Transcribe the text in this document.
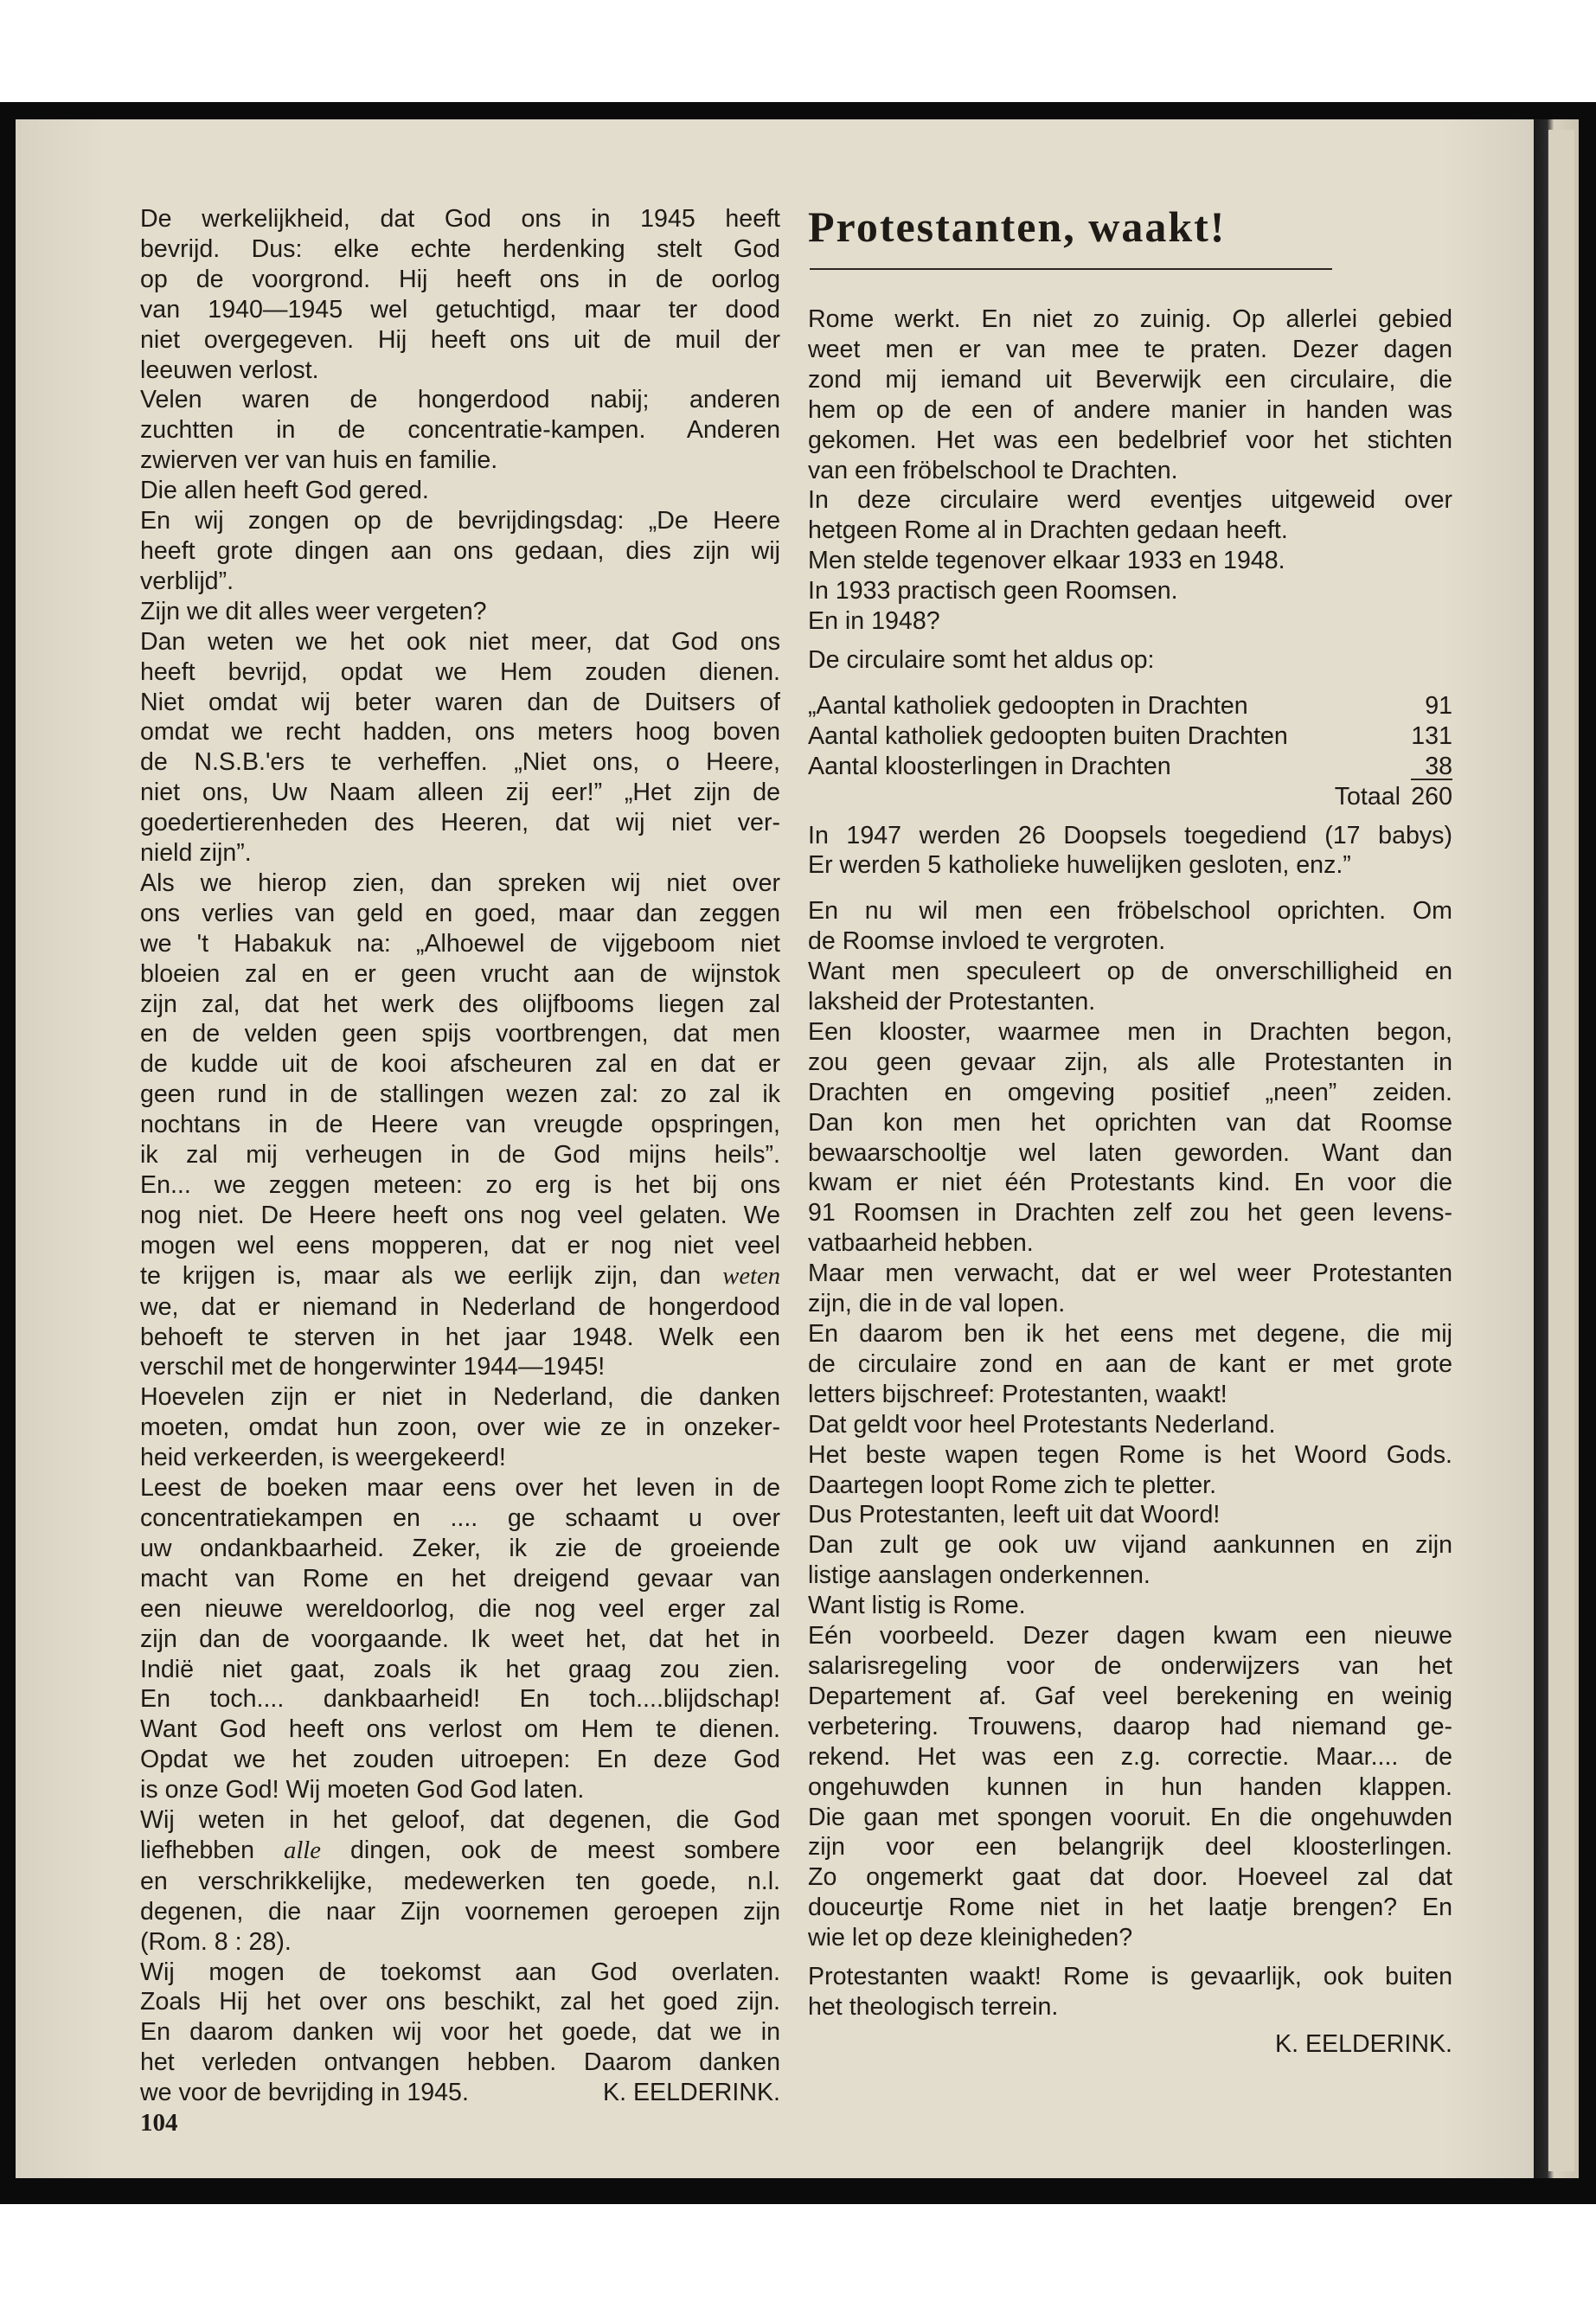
De werkelijkheid, dat God ons in 1945 heeft
bevrijd. Dus: elke echte herdenking stelt God
op de voorgrond. Hij heeft ons in de oorlog
van 1940—1945 wel getuchtigd, maar ter dood
niet overgegeven. Hij heeft ons uit de muil der
leeuwen verlost.
Velen waren de hongerdood nabij; anderen
zuchtten in de concentratie-kampen. Anderen
zwierven ver van huis en familie.
Die allen heeft God gered.
En wij zongen op de bevrijdingsdag: „De Heere
heeft grote dingen aan ons gedaan, dies zijn wij
verblijd”.
Zijn we dit alles weer vergeten?
Dan weten we het ook niet meer, dat God ons
heeft bevrijd, opdat we Hem zouden dienen.
Niet omdat wij beter waren dan de Duitsers of
omdat we recht hadden, ons meters hoog boven
de N.S.B.'ers te verheffen. „Niet ons, o Heere,
niet ons, Uw Naam alleen zij eer!” „Het zijn de
goedertierenheden des Heeren, dat wij niet ver-
nield zijn”.
Als we hierop zien, dan spreken wij niet over
ons verlies van geld en goed, maar dan zeggen
we 't Habakuk na: „Alhoewel de vijgeboom niet
bloeien zal en er geen vrucht aan de wijnstok
zijn zal, dat het werk des olijfbooms liegen zal
en de velden geen spijs voortbrengen, dat men
de kudde uit de kooi afscheuren zal en dat er
geen rund in de stallingen wezen zal: zo zal ik
nochtans in de Heere van vreugde opspringen,
ik zal mij verheugen in de God mijns heils”.
En... we zeggen meteen: zo erg is het bij ons
nog niet. De Heere heeft ons nog veel gelaten. We
mogen wel eens mopperen, dat er nog niet veel
te krijgen is, maar als we eerlijk zijn, dan weten
we, dat er niemand in Nederland de hongerdood
behoeft te sterven in het jaar 1948. Welk een
verschil met de hongerwinter 1944—1945!
Hoevelen zijn er niet in Nederland, die danken
moeten, omdat hun zoon, over wie ze in onzeker-
heid verkeerden, is weergekeerd!
Leest de boeken maar eens over het leven in de
concentratiekampen en .... ge schaamt u over
uw ondankbaarheid. Zeker, ik zie de groeiende
macht van Rome en het dreigend gevaar van
een nieuwe wereldoorlog, die nog veel erger zal
zijn dan de voorgaande. Ik weet het, dat het in
Indië niet gaat, zoals ik het graag zou zien.
En toch.... dankbaarheid! En toch....blijdschap!
Want God heeft ons verlost om Hem te dienen.
Opdat we het zouden uitroepen: En deze God
is onze God! Wij moeten God God laten.
Wij weten in het geloof, dat degenen, die God
liefhebben alle dingen, ook de meest sombere
en verschrikkelijke, medewerken ten goede, n.l.
degenen, die naar Zijn voornemen geroepen zijn
(Rom. 8 : 28).
Wij mogen de toekomst aan God overlaten.
Zoals Hij het over ons beschikt, zal het goed zijn.
En daarom danken wij voor het goede, dat we in
het verleden ontvangen hebben. Daarom danken
we voor de bevrijding in 1945.	K. EELDERINK.
104
Protestanten, waakt!
Rome werkt. En niet zo zuinig. Op allerlei gebied
weet men er van mee te praten. Dezer dagen
zond mij iemand uit Beverwijk een circulaire, die
hem op de een of andere manier in handen was
gekomen. Het was een bedelbrief voor het stichten
van een fröbelschool te Drachten.
In deze circulaire werd eventjes uitgeweid over
hetgeen Rome al in Drachten gedaan heeft.
Men stelde tegenover elkaar 1933 en 1948.
In 1933 practisch geen Roomsen.
En in 1948?
De circulaire somt het aldus op:
„Aantal katholiek gedoopten in Drachten	91
Aantal katholiek gedoopten buiten Drachten	131
Aantal kloosterlingen in Drachten	38
Totaal 260
In 1947 werden 26 Doopsels toegediend (17 babys)
Er werden 5 katholieke huwelijken gesloten, enz.”
En nu wil men een fröbelschool oprichten. Om
de Roomse invloed te vergroten.
Want men speculeert op de onverschilligheid en
laksheid der Protestanten.
Een klooster, waarmee men in Drachten begon,
zou geen gevaar zijn, als alle Protestanten in
Drachten en omgeving positief „neen” zeiden.
Dan kon men het oprichten van dat Roomse
bewaarschooltje wel laten geworden. Want dan
kwam er niet één Protestants kind. En voor die
91 Roomsen in Drachten zelf zou het geen levens-
vatbaarheid hebben.
Maar men verwacht, dat er wel weer Protestanten
zijn, die in de val lopen.
En daarom ben ik het eens met degene, die mij
de circulaire zond en aan de kant er met grote
letters bijschreef: Protestanten, waakt!
Dat geldt voor heel Protestants Nederland.
Het beste wapen tegen Rome is het Woord Gods.
Daartegen loopt Rome zich te pletter.
Dus Protestanten, leeft uit dat Woord!
Dan zult ge ook uw vijand aankunnen en zijn
listige aanslagen onderkennen.
Want listig is Rome.
Eén voorbeeld. Dezer dagen kwam een nieuwe
salarisregeling voor de onderwijzers van het
Departement af. Gaf veel berekening en weinig
verbetering. Trouwens, daarop had niemand ge-
rekend. Het was een z.g. correctie. Maar.... de
ongehuwden kunnen in hun handen klappen.
Die gaan met spongen vooruit. En die ongehuwden
zijn voor een belangrijk deel kloosterlingen.
Zo ongemerkt gaat dat door. Hoeveel zal dat
douceurtje Rome niet in het laatje brengen? En
wie let op deze kleinigheden?
Protestanten waakt! Rome is gevaarlijk, ook buiten
het theologisch terrein.
K. EELDERINK.
